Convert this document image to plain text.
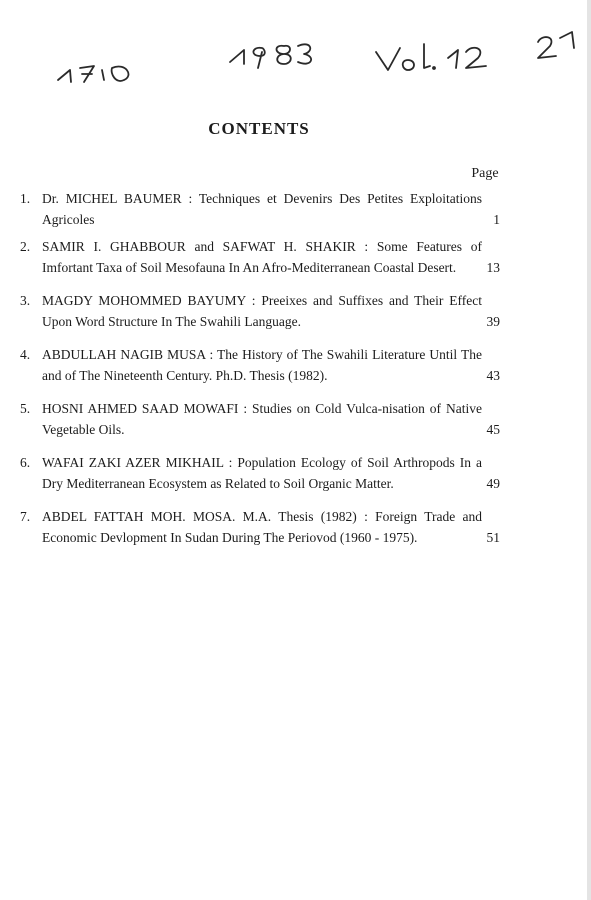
CONTENTS
Page
1. Dr. MICHEL BAUMER : Techniques et Devenirs Des Petites Exploitations Agricoles	1
2. SAMIR I. GHABBOUR and SAFWAT H. SHAKIR : Some Features of Imfortant Taxa of Soil Mesofauna In An Afro-Mediterranean Coastal Desert.	13
3. MAGDY MOHOMMED BAYUMY : Preeixes and Suffixes and Their Effect Upon Word Structure In The Swahili Language.	39
4. ABDULLAH NAGIB MUSA : The History of The Swahili Literature Until The and of The Nineteenth Century. Ph.D. Thesis (1982).	43
5. HOSNI AHMED SAAD MOWAFI : Studies on Cold Vulca-nisation of Native Vegetable Oils.	45
6. WAFAI ZAKI AZER MIKHAIL : Population Ecology of Soil Arthropods In a Dry Mediterranean Ecosystem as Related to Soil Organic Matter.	49
7. ABDEL FATTAH MOH. MOSA. M.A. Thesis (1982) : Foreign Trade and Economic Devlopment In Sudan During The Periovod (1960 - 1975).	51
